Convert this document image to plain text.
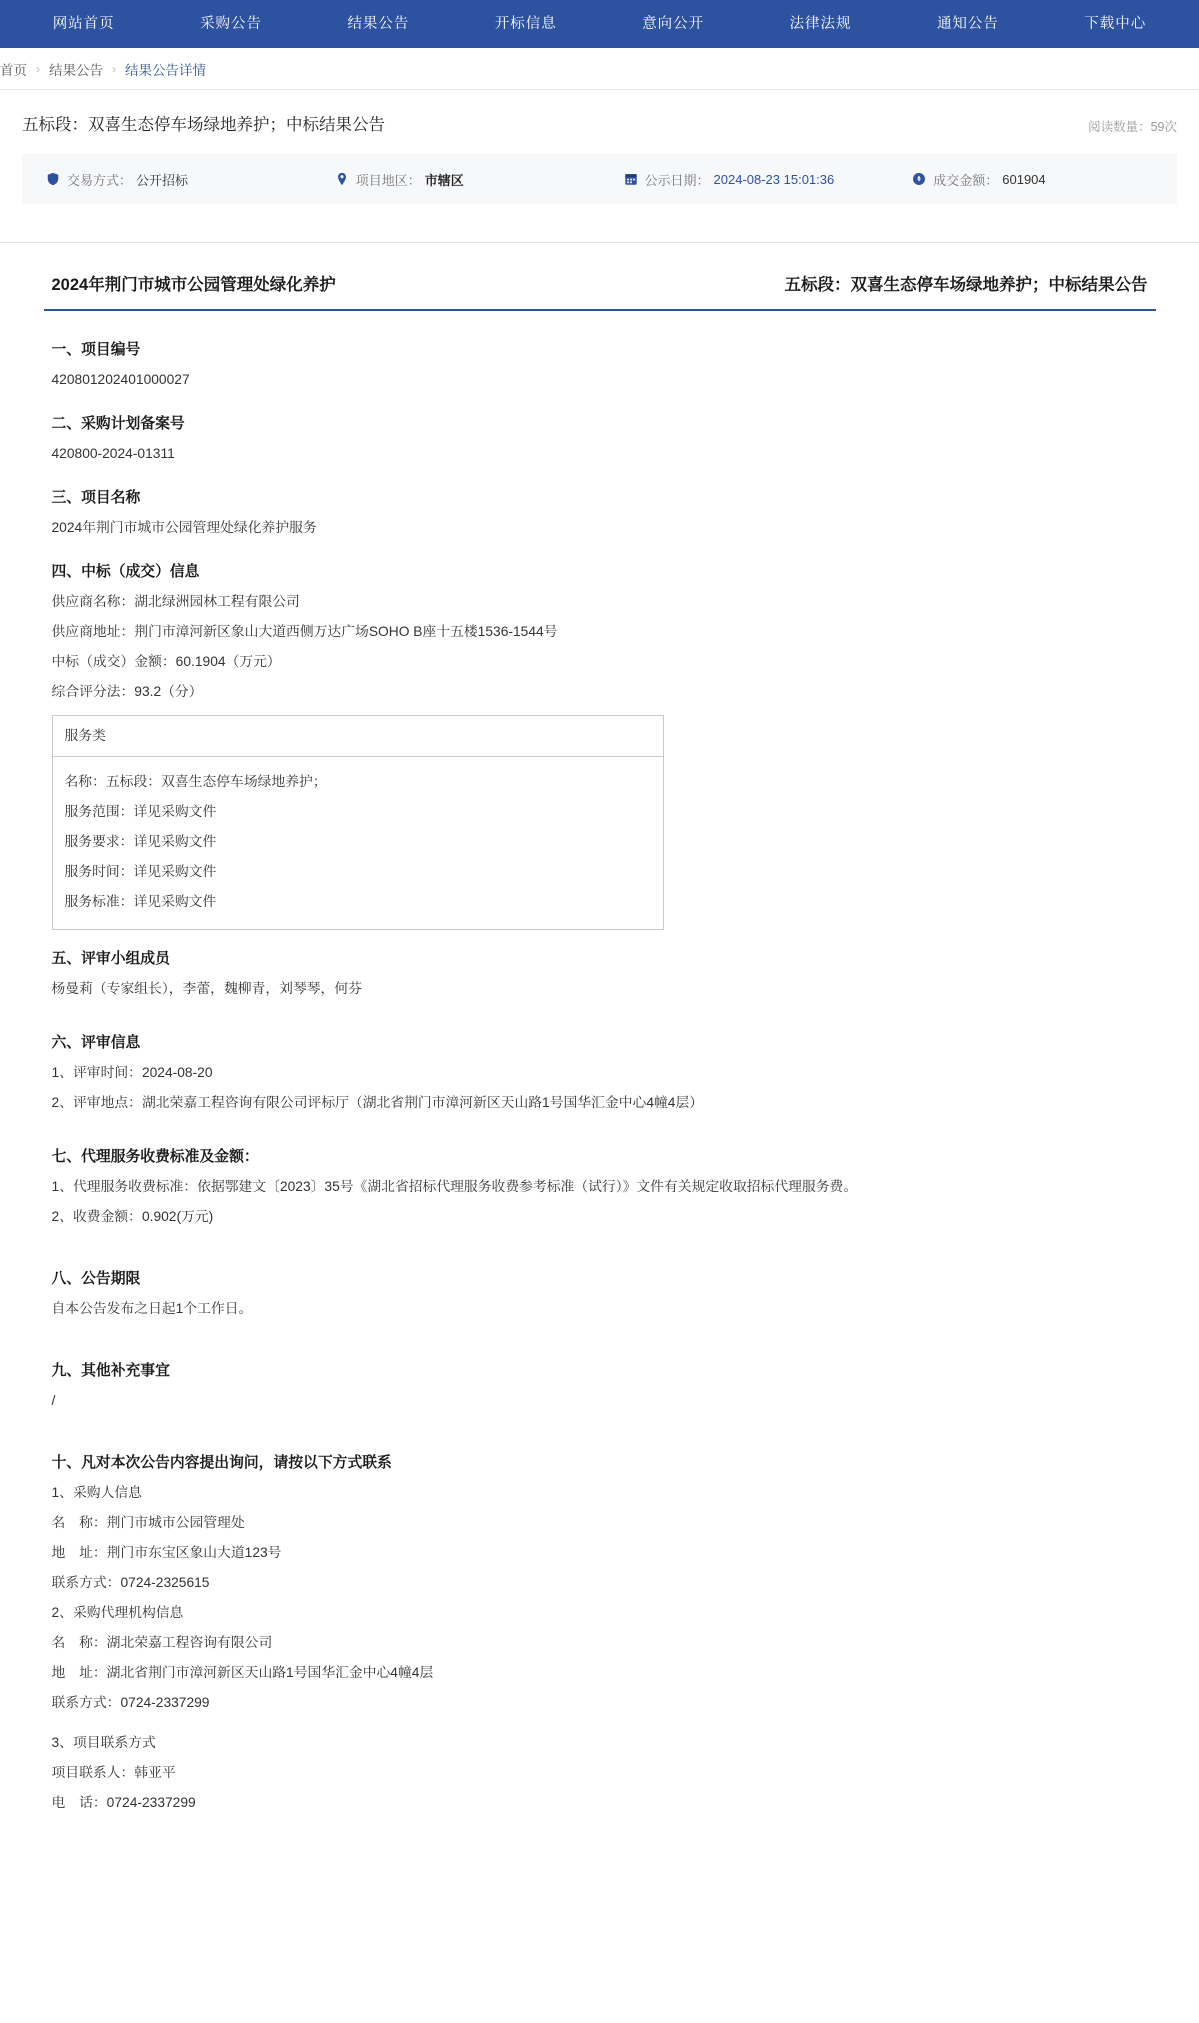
网站首页	采购公告	结果公告	开标信息	意向公开	法律法规	通知公告	下载中心
首页 › 结果公告 › 结果公告详情
五标段：双喜生态停车场绿地养护；中标结果公告	阅读数量：59次
交易方式： 公开招标	项目地区： 市辖区	公示日期： 2024-08-23 15:01:36	成交金额： 601904
2024年荆门市城市公园管理处绿化养护	五标段：双喜生态停车场绿地养护；中标结果公告
一、项目编号
420801202401000027
二、采购计划备案号
420800-2024-01311
三、项目名称
2024年荆门市城市公园管理处绿化养护服务
四、中标（成交）信息
供应商名称：湖北绿洲园林工程有限公司
供应商地址：荆门市漳河新区象山大道西侧万达广场SOHO B座十五楼1536-1544号
中标（成交）金额：60.1904（万元）
综合评分法：93.2（分）
服务类
名称：五标段：双喜生态停车场绿地养护；
服务范围：详见采购文件
服务要求：详见采购文件
服务时间：详见采购文件
服务标准：详见采购文件
五、评审小组成员
杨曼莉（专家组长），李蕾，魏柳青，刘琴琴，何芬
六、评审信息
1、评审时间：2024-08-20
2、评审地点：湖北荣嘉工程咨询有限公司评标厅（湖北省荆门市漳河新区天山路1号国华汇金中心4幢4层）
七、代理服务收费标准及金额：
1、代理服务收费标准：依据鄂建文〔2023〕35号《湖北省招标代理服务收费参考标准（试行）》文件有关规定收取招标代理服务费。
2、收费金额：0.902(万元)
八、公告期限
自本公告发布之日起1个工作日。
九、其他补充事宜
/
十、凡对本次公告内容提出询问，请按以下方式联系
1、采购人信息
名　称：荆门市城市公园管理处
地　址：荆门市东宝区象山大道123号
联系方式：0724-2325615
2、采购代理机构信息
名　称：湖北荣嘉工程咨询有限公司
地　址：湖北省荆门市漳河新区天山路1号国华汇金中心4幢4层
联系方式：0724-2337299
3、项目联系方式
项目联系人：韩亚平
电　话：0724-2337299
